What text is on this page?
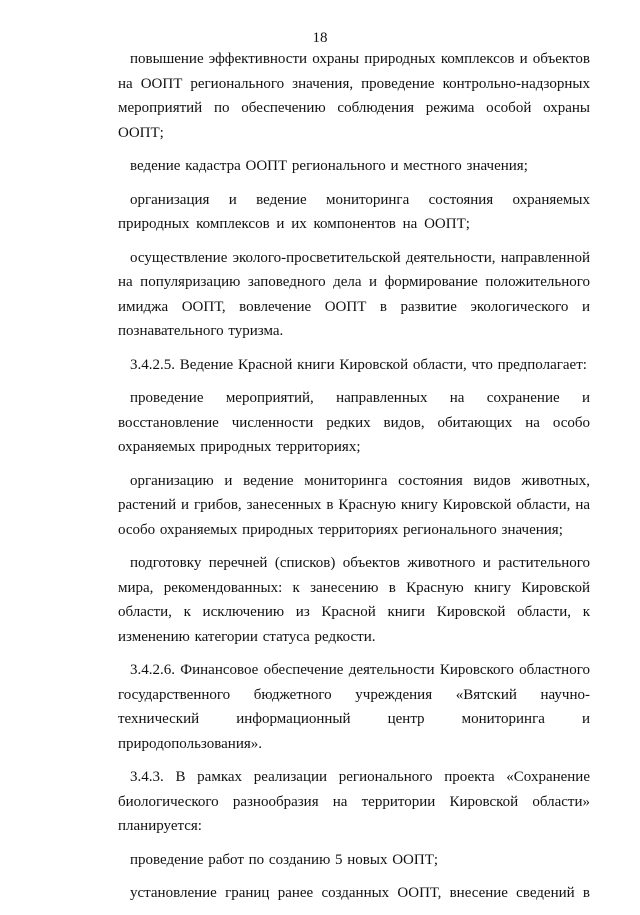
18

повышение эффективности охраны природных комплексов и объектов на ООПТ регионального значения, проведение контрольно-надзорных мероприятий по обеспечению соблюдения режима особой охраны ООПТ;

ведение кадастра ООПТ регионального и местного значения;

организация и ведение мониторинга состояния охраняемых природных комплексов и их компонентов на ООПТ;

осуществление эколого-просветительской деятельности, направленной на популяризацию заповедного дела и формирование положительного имиджа ООПТ, вовлечение ООПТ в развитие экологического и познавательного туризма.

3.4.2.5. Ведение Красной книги Кировской области, что предполагает:

проведение мероприятий, направленных на сохранение и восстановление численности редких видов, обитающих на особо охраняемых природных территориях;

организацию и ведение мониторинга состояния видов животных, растений и грибов, занесенных в Красную книгу Кировской области, на особо охраняемых природных территориях регионального значения;

подготовку перечней (списков) объектов животного и растительного мира, рекомендованных: к занесению в Красную книгу Кировской области, к исключению из Красной книги Кировской области, к изменению категории статуса редкости.

3.4.2.6. Финансовое обеспечение деятельности Кировского областного государственного бюджетного учреждения «Вятский научно-технический информационный центр мониторинга и природопользования».

3.4.3. В рамках реализации регионального проекта «Сохранение биологического разнообразия на территории Кировской области» планируется:

проведение работ по созданию 5 новых ООПТ;

установление границ ранее созданных ООПТ, внесение сведений в
